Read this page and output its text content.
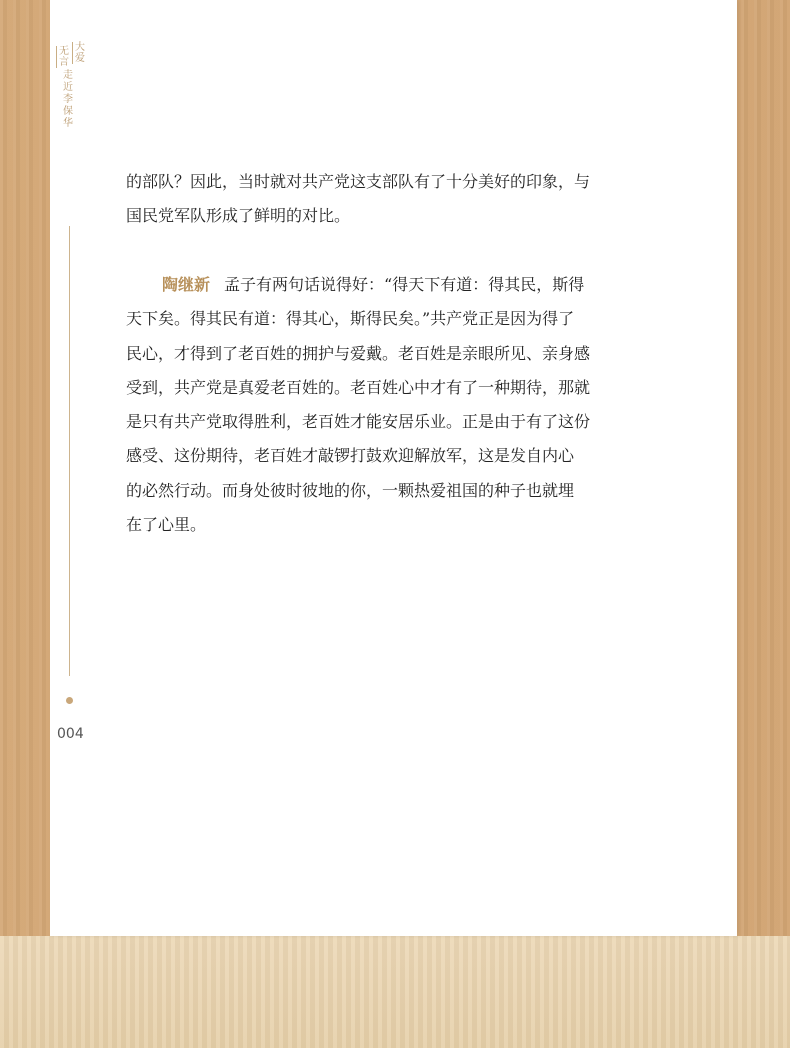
无
言
大
爱
走
近
李
保
华
004
的部队？因此，当时就对共产党这支部队有了十分美好的印象，与
国民党军队形成了鲜明的对比。
陶继新 孟子有两句话说得好：“得天下有道：得其民，斯得
天下矣。得其民有道：得其心，斯得民矣。”共产党正是因为得了
民心，才得到了老百姓的拥护与爱戴。老百姓是亲眼所见、亲身感
受到，共产党是真爱老百姓的。老百姓心中才有了一种期待，那就
是只有共产党取得胜利，老百姓才能安居乐业。正是由于有了这份
感受、这份期待，老百姓才敲锣打鼓欢迎解放军，这是发自内心
的必然行动。而身处彼时彼地的你，一颗热爱祖国的种子也就埋
在了心里。
